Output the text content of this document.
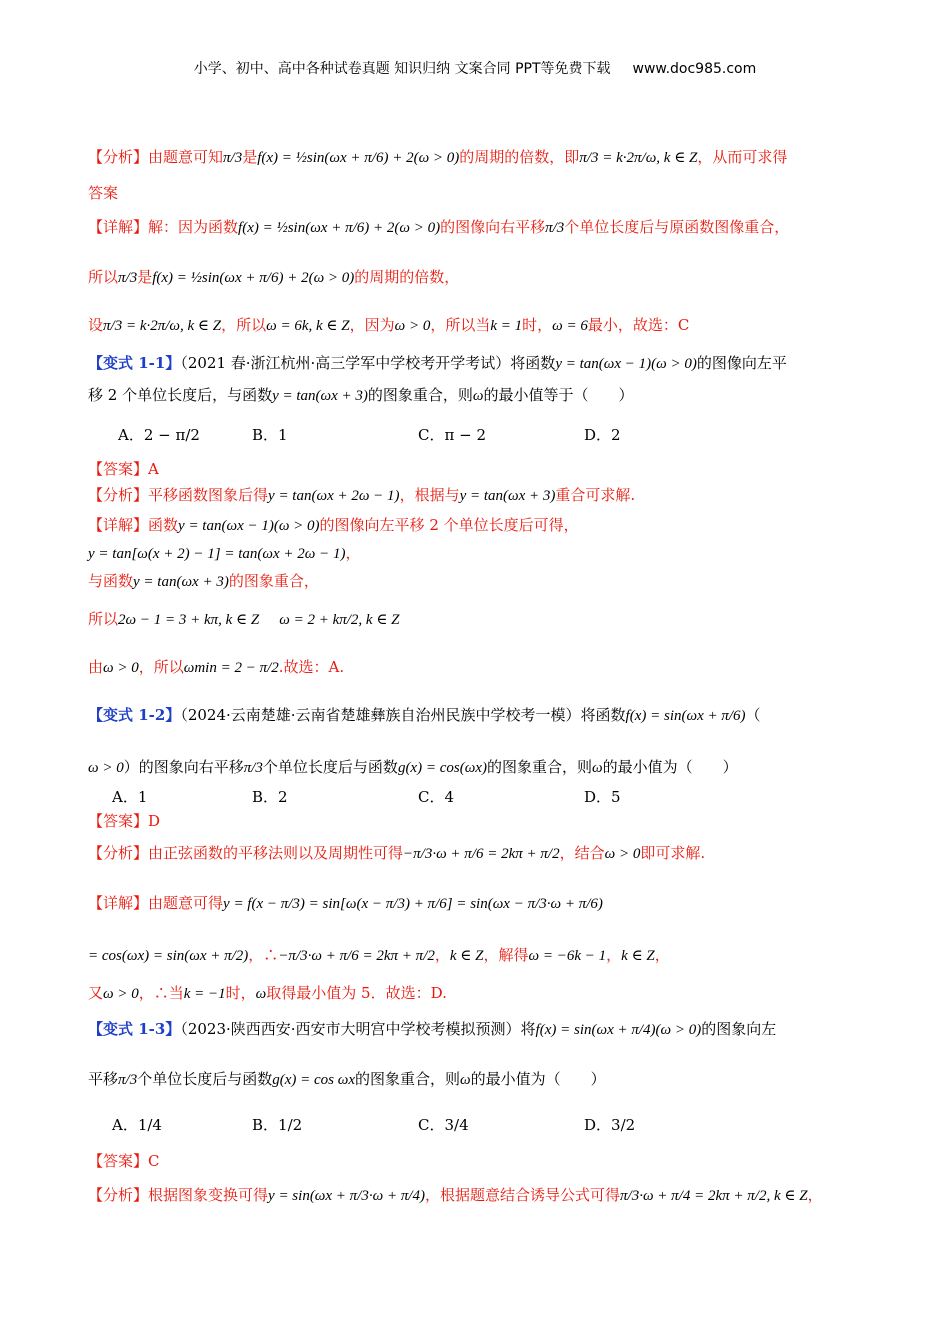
小学、初中、高中各种试卷真题 知识归纳 文案合同 PPT等免费下载 www.doc985.com
【分析】由题意可知π/3是f(x) = ½sin(ωx + π/6) + 2(ω > 0)的周期的倍数，即π/3 = k·2π/ω, k ∈ Z，从而可求得
答案
【详解】解：因为函数f(x) = ½sin(ωx + π/6) + 2(ω > 0)的图像向右平移π/3个单位长度后与原函数图像重合，
所以π/3是f(x) = ½sin(ωx + π/6) + 2(ω > 0)的周期的倍数，
设π/3 = k·2π/ω, k ∈ Z，所以ω = 6k, k ∈ Z，因为ω > 0，所以当k = 1时，ω = 6最小，故选：C
【变式 1-1】（2021 春·浙江杭州·高三学军中学校考开学考试）将函数y = tan(ωx − 1)(ω > 0)的图像向左平
移 2 个单位长度后，与函数y = tan(ωx + 3)的图象重合，则ω的最小值等于（　　）
A．2 − π/2	B．1	C．π − 2	D．2
【答案】A
【分析】平移函数图象后得y = tan(ωx + 2ω − 1)，根据与y = tan(ωx + 3)重合可求解.
【详解】函数y = tan(ωx − 1)(ω > 0)的图像向左平移 2 个单位长度后可得，
y = tan[ω(x + 2) − 1] = tan(ωx + 2ω − 1)，
与函数y = tan(ωx + 3)的图象重合，
所以2ω − 1 = 3 + kπ, k ∈ Z ω = 2 + kπ/2, k ∈ Z
由ω > 0，所以ωmin = 2 − π/2.故选：A.
【变式 1-2】（2024·云南楚雄·云南省楚雄彝族自治州民族中学校考一模）将函数f(x) = sin(ωx + π/6)（
ω > 0）的图象向右平移π/3个单位长度后与函数g(x) = cos(ωx)的图象重合，则ω的最小值为（　　）
A．1	B．2	C．4	D．5
【答案】D
【分析】由正弦函数的平移法则以及周期性可得−π/3·ω + π/6 = 2kπ + π/2，结合ω > 0即可求解.
【详解】由题意可得y = f(x − π/3) = sin[ω(x − π/3) + π/6] = sin(ωx − π/3·ω + π/6)
= cos(ωx) = sin(ωx + π/2)，∴−π/3·ω + π/6 = 2kπ + π/2，k ∈ Z，解得ω = −6k − 1，k ∈ Z，
又ω > 0，∴当k = −1时，ω取得最小值为 5．故选：D.
【变式 1-3】（2023·陕西西安·西安市大明宫中学校考模拟预测）将f(x) = sin(ωx + π/4)(ω > 0)的图象向左
平移π/3个单位长度后与函数g(x) = cos ωx的图象重合，则ω的最小值为（　　）
A．1/4	B．1/2	C．3/4	D．3/2
【答案】C
【分析】根据图象变换可得y = sin(ωx + π/3·ω + π/4)，根据题意结合诱导公式可得π/3·ω + π/4 = 2kπ + π/2, k ∈ Z，
